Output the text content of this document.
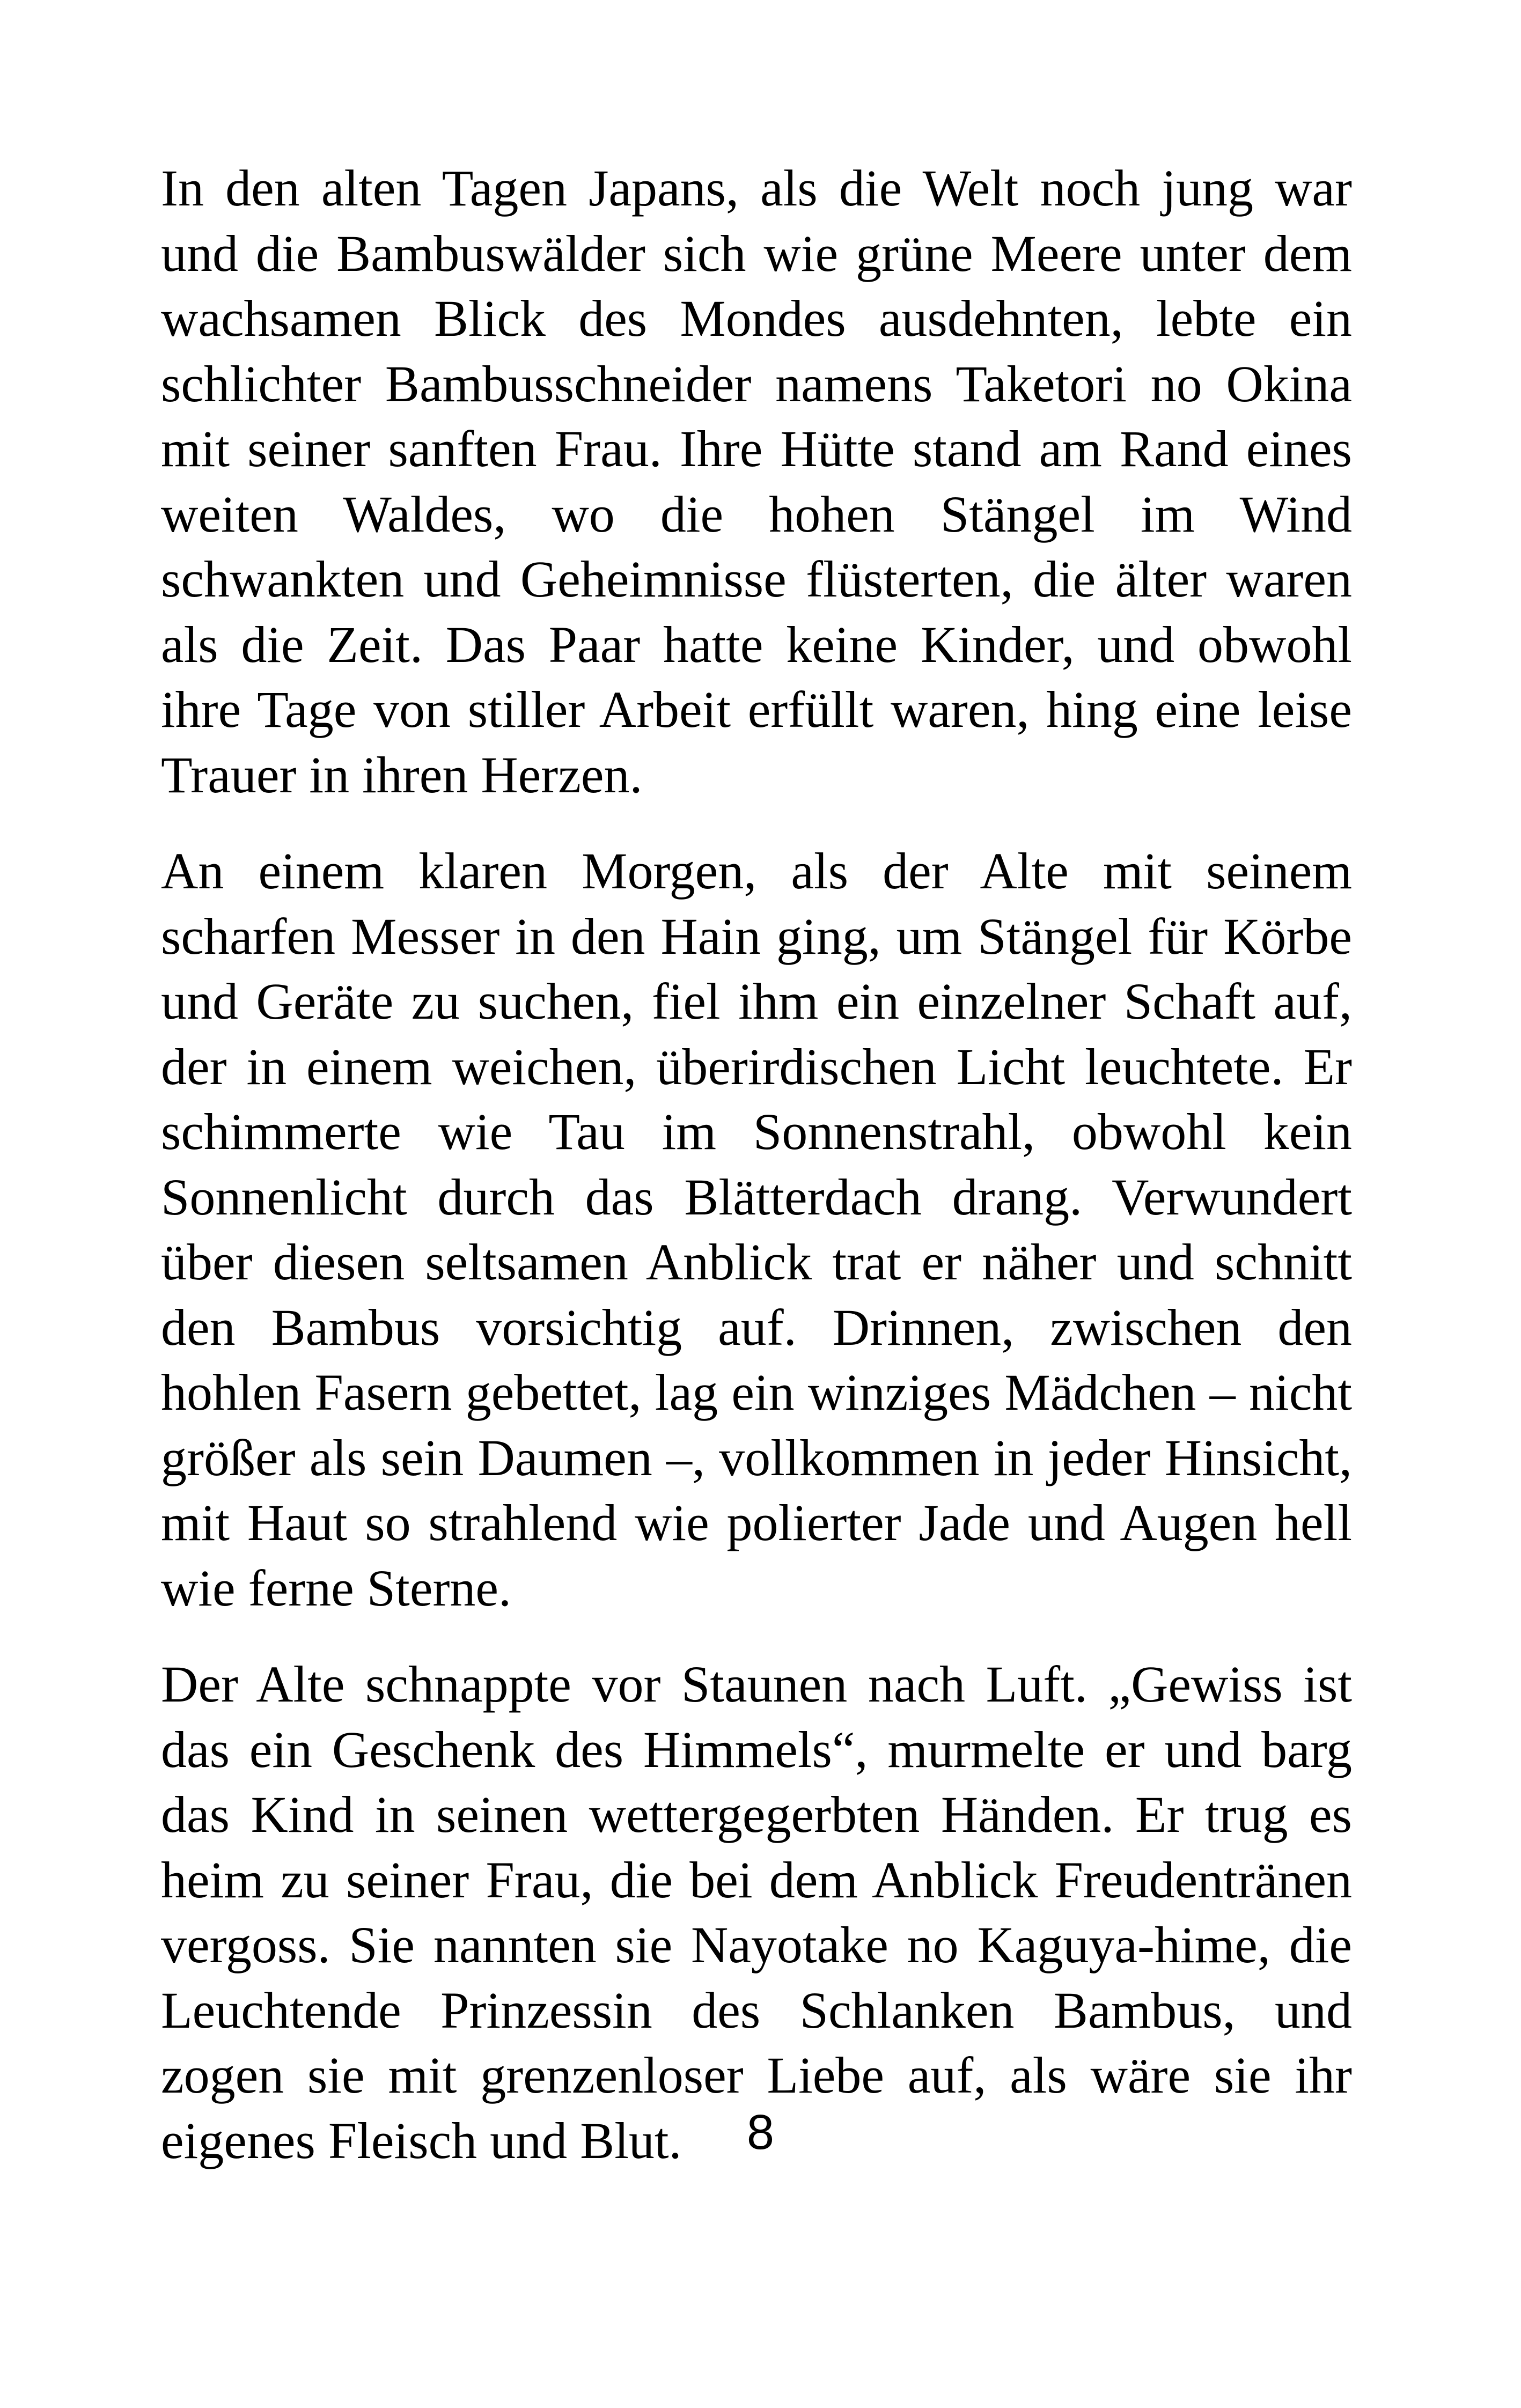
In den alten Tagen Japans, als die Welt noch jung war und die Bambuswälder sich wie grüne Meere unter dem wachsamen Blick des Mondes ausdehnten, lebte ein schlichter Bambusschneider namens Taketori no Okina mit seiner sanften Frau. Ihre Hütte stand am Rand eines weiten Waldes, wo die hohen Stängel im Wind schwankten und Geheimnisse flüsterten, die älter waren als die Zeit. Das Paar hatte keine Kinder, und obwohl ihre Tage von stiller Arbeit erfüllt waren, hing eine leise Trauer in ihren Herzen.

An einem klaren Morgen, als der Alte mit seinem scharfen Messer in den Hain ging, um Stängel für Körbe und Geräte zu suchen, fiel ihm ein einzelner Schaft auf, der in einem weichen, überirdischen Licht leuchtete. Er schimmerte wie Tau im Sonnenstrahl, obwohl kein Sonnenlicht durch das Blätterdach drang. Verwundert über diesen seltsamen Anblick trat er näher und schnitt den Bambus vorsichtig auf. Drinnen, zwischen den hohlen Fasern gebettet, lag ein winziges Mädchen – nicht größer als sein Daumen –, vollkommen in jeder Hinsicht, mit Haut so strahlend wie polierter Jade und Augen hell wie ferne Sterne.

Der Alte schnappte vor Staunen nach Luft. „Gewiss ist das ein Geschenk des Himmels“, murmelte er und barg das Kind in seinen wettergegerbten Händen. Er trug es heim zu seiner Frau, die bei dem Anblick Freudentränen vergoss. Sie nannten sie Nayotake no Kaguya-hime, die Leuchtende Prinzessin des Schlanken Bambus, und zogen sie mit grenzenloser Liebe auf, als wäre sie ihr eigenes Fleisch und Blut.	8
